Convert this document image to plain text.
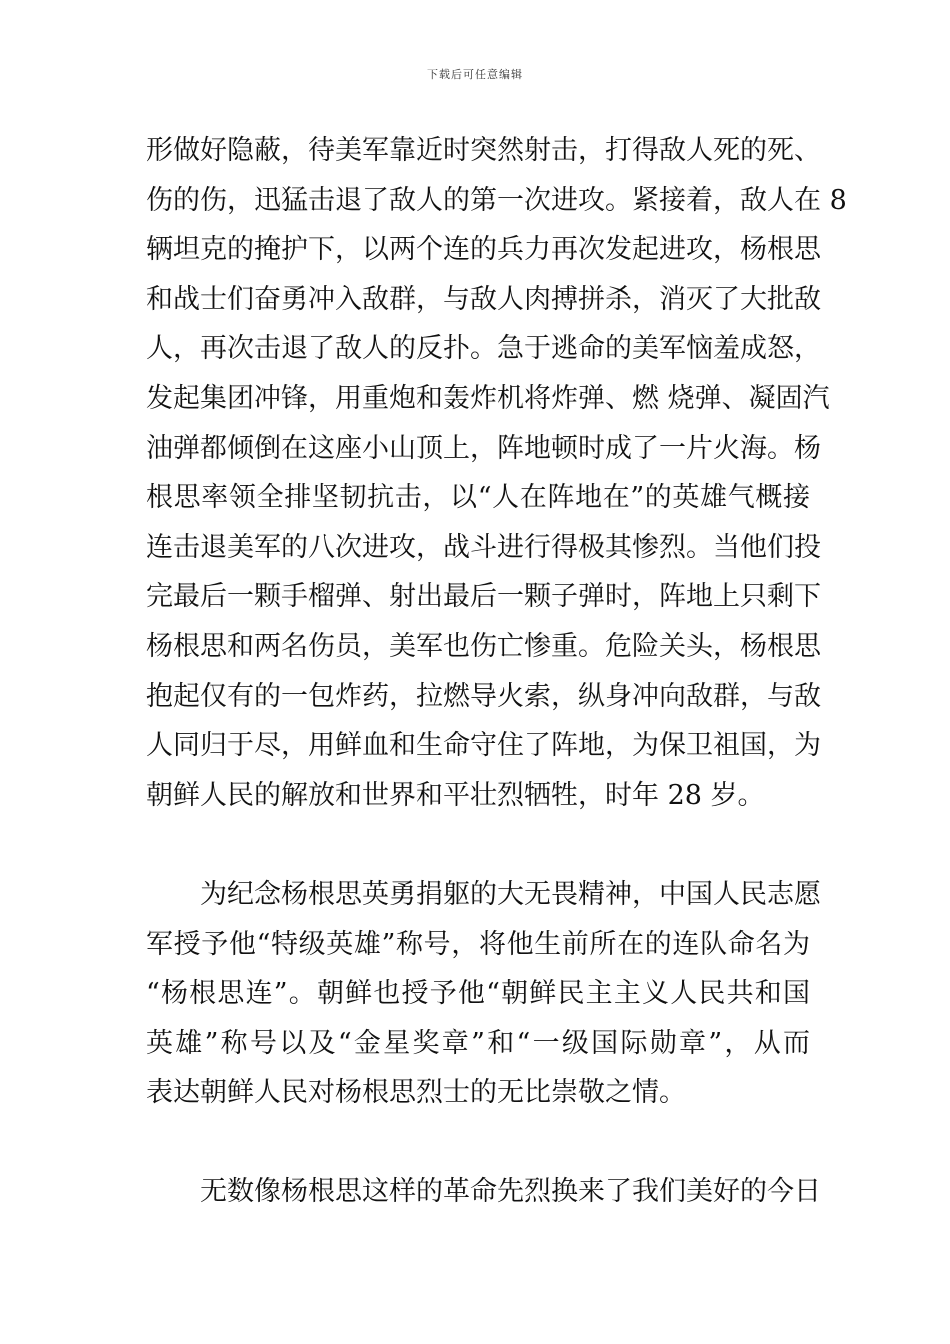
下载后可任意编辑
形做好隐蔽，待美军靠近时突然射击，打得敌人死的死、
伤的伤，迅猛击退了敌人的第一次进攻。紧接着，敌人在 8
辆坦克的掩护下，以两个连的兵力再次发起进攻，杨根思
和战士们奋勇冲入敌群，与敌人肉搏拼杀，消灭了大批敌
人，再次击退了敌人的反扑。急于逃命的美军恼羞成怒，
发起集团冲锋，用重炮和轰炸机将炸弹、燃 烧弹、凝固汽
油弹都倾倒在这座小山顶上，阵地顿时成了一片火海。杨
根思率领全排坚韧抗击，以“人在阵地在”的英雄气概接
连击退美军的八次进攻，战斗进行得极其惨烈。当他们投
完最后一颗手榴弹、射出最后一颗子弹时，阵地上只剩下
杨根思和两名伤员，美军也伤亡惨重。危险关头，杨根思
抱起仅有的一包炸药，拉燃导火索，纵身冲向敌群，与敌
人同归于尽，用鲜血和生命守住了阵地，为保卫祖国，为
朝鲜人民的解放和世界和平壮烈牺牲，时年 28 岁。
为纪念杨根思英勇捐躯的大无畏精神，中国人民志愿
军授予他“特级英雄”称号，将他生前所在的连队命名为
“杨根思连”。朝鲜也授予他“朝鲜民主主义人民共和国
英雄”称号以及“金星奖章”和“一级国际勋章”，从而
表达朝鲜人民对杨根思烈士的无比崇敬之情。
无数像杨根思这样的革命先烈换来了我们美好的今日
